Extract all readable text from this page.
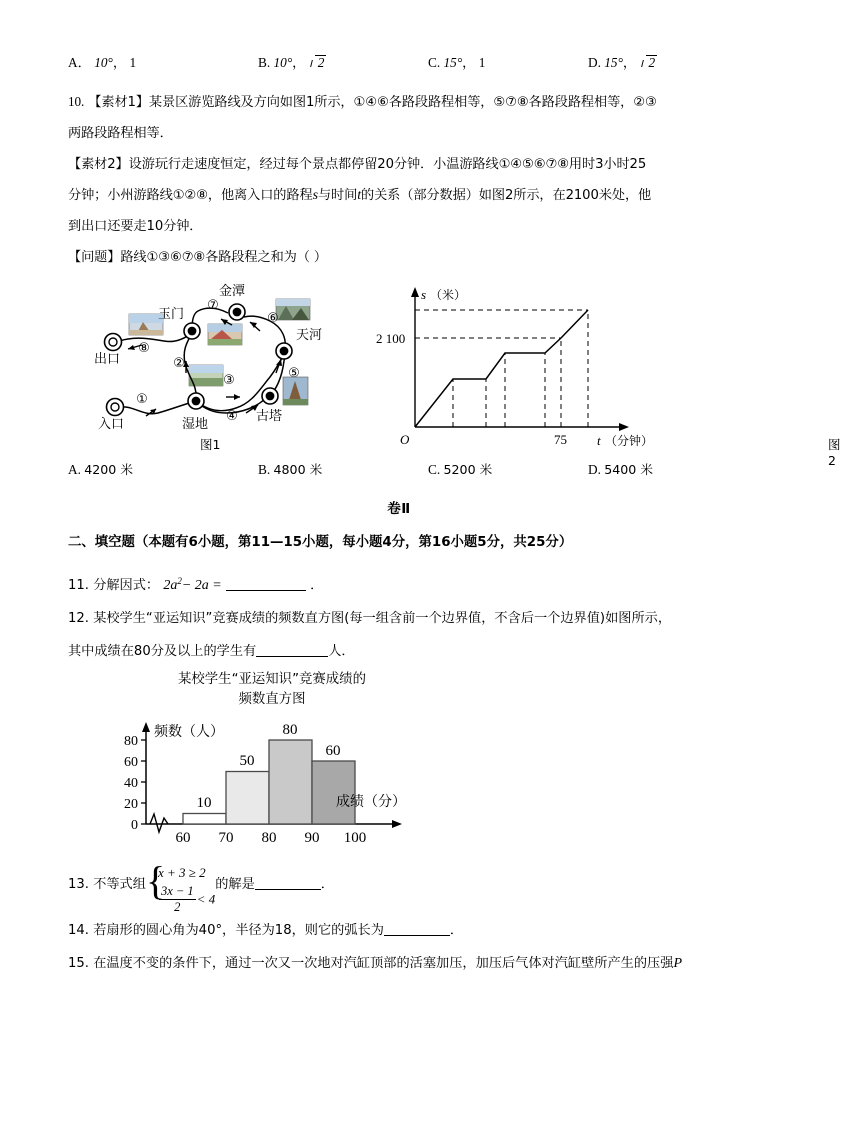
A． 10°， 1	B. 10°， 2	C. 15°， 1	D. 15°， 2
10. 【素材1】某景区游览路线及方向如图1所示，①④⑥各路段路程相等，⑤⑦⑧各路段路程相等，②③
两路段路程相等．
【素材2】设游玩行走速度恒定，经过每个景点都停留20分钟．小温游路线①④⑤⑥⑦⑧用时3小时25
分钟；小州游路线①②⑧，他离入口的路程s与时间t的关系（部分数据）如图2所示，在2100米处，他
到出口还要走10分钟．
【问题】路线①③⑥⑦⑧各路段程之和为（ ）
①
②
③
④
⑤
⑥
⑦
⑧
金潭
玉门
天河
湿地
古塔
入口
出口
图1
s （米）
2 100
O	75 t （分钟）	图2
A. 4200 米	B. 4800 米	C. 5200 米	D. 5400 米
卷Ⅱ
二、填空题（本题有6小题，第11—15小题，每小题4分，第16小题5分，共25分）
11. 分解因式： $2a^2- 2a$ =	．
12. 某校学生“亚运知识”竞赛成绩的频数直方图(每一组含前一个边界值，不含后一个边界值)如图所示，
其中成绩在80分及以上的学生有	人．
某校学生“亚运知识”竞赛成绩的
频数直方图
0
20
40
60
80
10
50
80
60
60 70 80 90 100
频数（人）
成绩（分）
13. 不等式组 {
x + 3 ≥ 2
$\frac{3x - 1}{2} < 4$
的解是	．
14. 若扇形的圆心角为40°，半径为18，则它的弧长为	．
15. 在温度不变的条件下，通过一次又一次地对汽缸顶部的活塞加压，加压后气体对汽缸壁所产生的压强P
